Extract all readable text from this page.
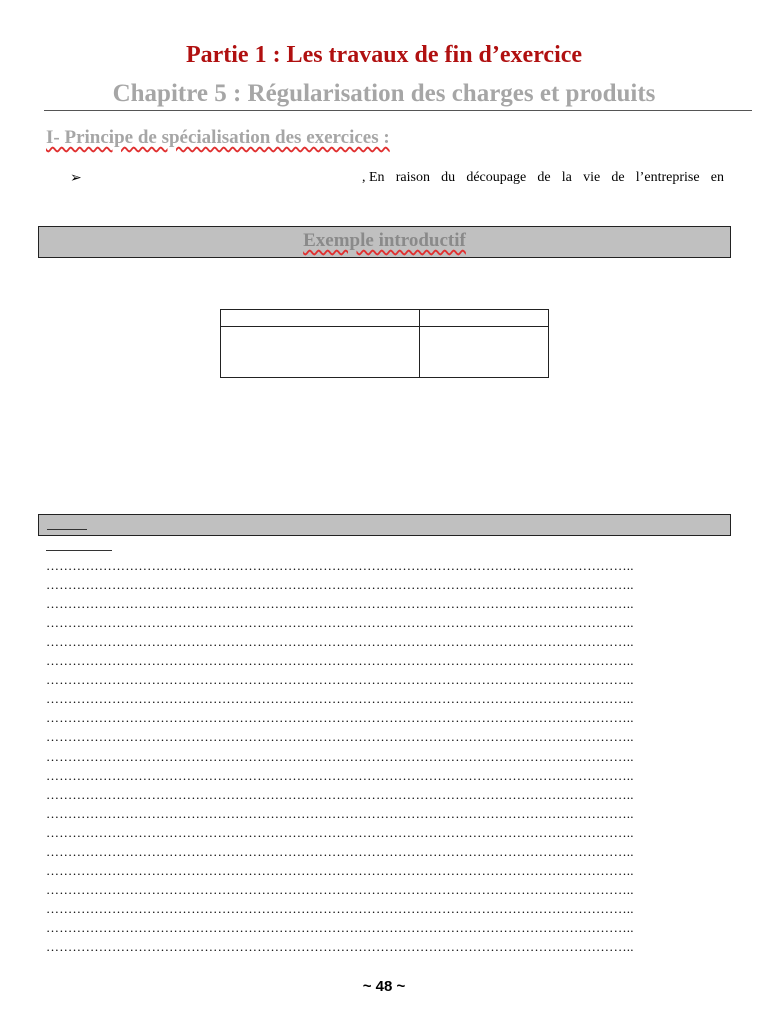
Partie 1 : Les travaux de fin d’exercice
Chapitre 5 : Régularisation des charges et produits
I- Principe de spécialisation des exercices :
➢	, En raison du découpage de la vie de l’entreprise en
Exemple introductif
……………………………………………………………………………………………………………………..
……………………………………………………………………………………………………………………..
……………………………………………………………………………………………………………………..
……………………………………………………………………………………………………………………..
……………………………………………………………………………………………………………………..
……………………………………………………………………………………………………………………..
……………………………………………………………………………………………………………………..
……………………………………………………………………………………………………………………..
……………………………………………………………………………………………………………………..
……………………………………………………………………………………………………………………..
……………………………………………………………………………………………………………………..
……………………………………………………………………………………………………………………..
……………………………………………………………………………………………………………………..
……………………………………………………………………………………………………………………..
……………………………………………………………………………………………………………………..
……………………………………………………………………………………………………………………..
……………………………………………………………………………………………………………………..
……………………………………………………………………………………………………………………..
……………………………………………………………………………………………………………………..
……………………………………………………………………………………………………………………..
……………………………………………………………………………………………………………………..
~ 48 ~
